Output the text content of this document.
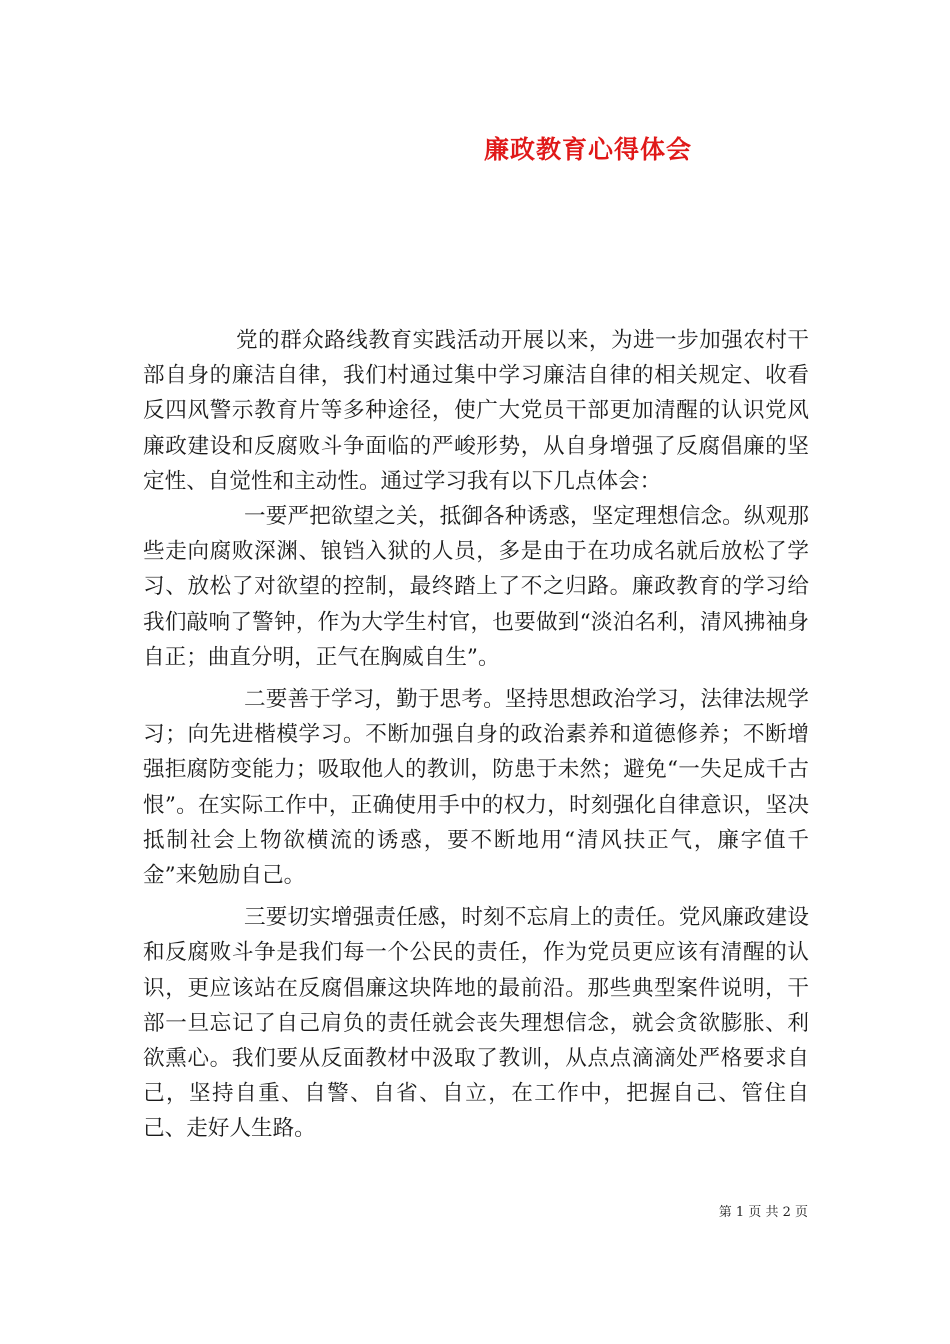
廉政教育心得体会

党的群众路线教育实践活动开展以来，为进一步加强农村干部自身的廉洁自律，我们村通过集中学习廉洁自律的相关规定、收看反四风警示教育片等多种途径，使广大党员干部更加清醒的认识党风廉政建设和反腐败斗争面临的严峻形势，从自身增强了反腐倡廉的坚定性、自觉性和主动性。通过学习我有以下几点体会：

一要严把欲望之关，抵御各种诱惑，坚定理想信念。纵观那些走向腐败深渊、锒铛入狱的人员，多是由于在功成名就后放松了学习、放松了对欲望的控制，最终踏上了不之归路。廉政教育的学习给我们敲响了警钟，作为大学生村官，也要做到“淡泊名利，清风拂袖身自正；曲直分明，正气在胸威自生”。

二要善于学习，勤于思考。坚持思想政治学习，法律法规学习；向先进楷模学习。不断加强自身的政治素养和道德修养；不断增强拒腐防变能力；吸取他人的教训，防患于未然；避免“一失足成千古恨”。在实际工作中，正确使用手中的权力，时刻强化自律意识，坚决抵制社会上物欲横流的诱惑，要不断地用“清风扶正气，廉字值千金”来勉励自己。

三要切实增强责任感，时刻不忘肩上的责任。党风廉政建设和反腐败斗争是我们每一个公民的责任，作为党员更应该有清醒的认识，更应该站在反腐倡廉这块阵地的最前沿。那些典型案件说明，干部一旦忘记了自己肩负的责任就会丧失理想信念，就会贪欲膨胀、利欲熏心。我们要从反面教材中汲取了教训，从点点滴滴处严格要求自己，坚持自重、自警、自省、自立，在工作中，把握自己、管住自己、走好人生路。

第 1 页 共 2 页
